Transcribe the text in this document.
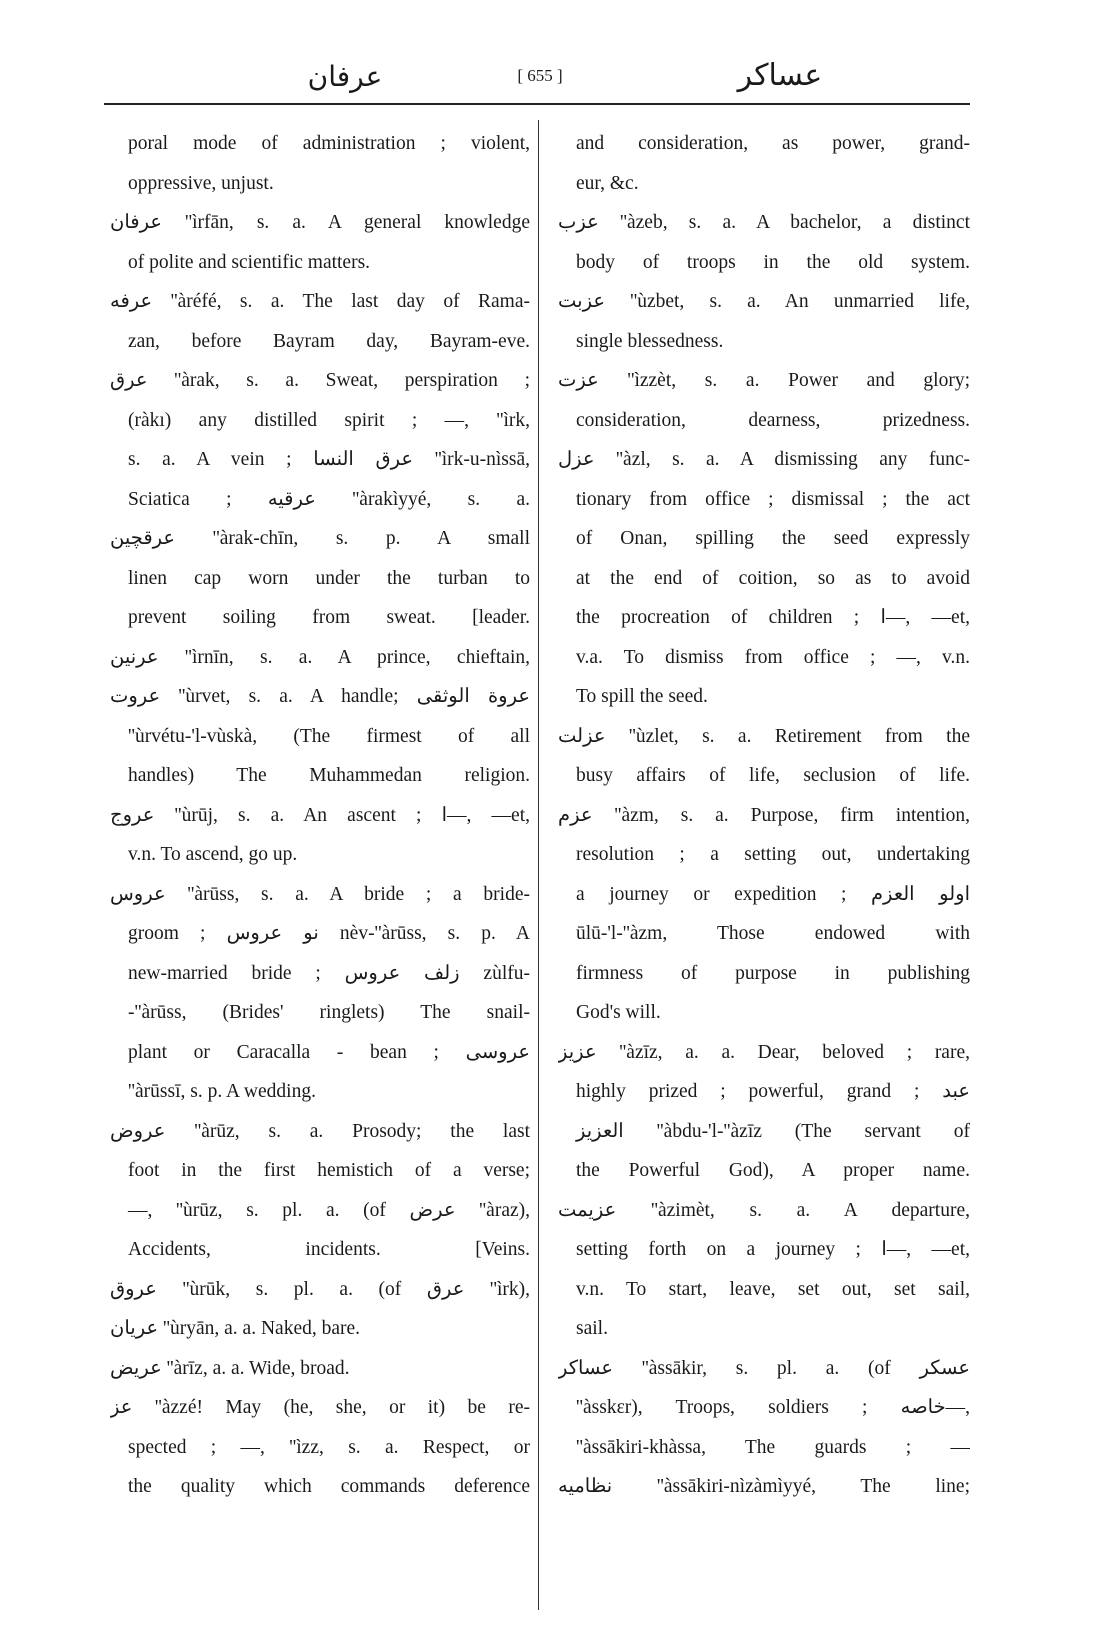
عرفان	[ 655 ]	عساكر
poral mode of administration ; violent,
oppressive, unjust.
عرفان ''ìrfān, s. a. A general knowledge
of polite and scientific matters.
عرفه ''àréfé, s. a. The last day of Rama-
zan, before Bayram day, Bayram-eve.
عرق ''àrak, s. a. Sweat, perspiration ;
(ràkı) any distilled spirit ; —, ''ìrk,
s. a. A vein ; عرق النسا ''ìrk-u-nìssā,
Sciatica ; عرقيه ''àrakìyyé, s. a.
عرقچين ''àrak-chīn, s. p. A small
linen cap worn under the turban to
prevent soiling from sweat. [leader.
عرنين ''ìrnīn, s. a. A prince, chieftain,
عروت ''ùrvet, s. a. A handle; عروة الوثقى
''ùrvétu-'l-vùskà, (The firmest of all
handles) The Muhammedan religion.
عروج ''ùrūj, s. a. An ascent ; ا—, —et,
v.n. To ascend, go up.
عروس ''àrūss, s. a. A bride ; a bride-
groom ; نو عروس nèv-''àrūss, s. p. A
new-married bride ; زلف عروس zùlfu-
-''àrūss, (Brides' ringlets) The snail-
plant or Caracalla - bean ; عروسى
''àrūssī, s. p. A wedding.
عروض ''àrūz, s. a. Prosody; the last
foot in the first hemistich of a verse;
—, ''ùrūz, s. pl. a. (of عرض ''àraz),
Accidents, incidents. [Veins.
عروق ''ùrūk, s. pl. a. (of عرق ''ìrk),
عريان ''ùryān, a. a. Naked, bare.
عريض ''àrīz, a. a. Wide, broad.
عز ''àzzé! May (he, she, or it) be re-
spected ; —, ''ìzz, s. a. Respect, or
the quality which commands deference
and consideration, as power, grand-
eur, &c.
عزب ''àzeb, s. a. A bachelor, a distinct
body of troops in the old system.
عزبت ''ùzbet, s. a. An unmarried life,
single blessedness.
عزت ''ìzzèt, s. a. Power and glory;
consideration, dearness, prizedness.
عزل ''àzl, s. a. A dismissing any func-
tionary from office ; dismissal ; the act
of Onan, spilling the seed expressly
at the end of coition, so as to avoid
the procreation of children ; ا—, —et,
v.a. To dismiss from office ; —, v.n.
To spill the seed.
عزلت ''ùzlet, s. a. Retirement from the
busy affairs of life, seclusion of life.
عزم ''àzm, s. a. Purpose, firm intention,
resolution ; a setting out, undertaking
a journey or expedition ; اولو العزم
ūlū-'l-''àzm, Those endowed with
firmness of purpose in publishing
God's will.
عزيز ''àzīz, a. a. Dear, beloved ; rare,
highly prized ; powerful, grand ; عبد
العزيز ''àbdu-'l-''àzīz (The servant of
the Powerful God), A proper name.
عزيمت ''àzimèt, s. a. A departure,
setting forth on a journey ; ا—, —et,
v.n. To start, leave, set out, set sail,
sail.
عساكر ''àssākir, s. pl. a. (of عسكر
''àsskɛr), Troops, soldiers ; خاصه—,
''àssākiri-khàssa, The guards ; —
نظاميه ''àssākiri-nìzàmìyyé, The line;
